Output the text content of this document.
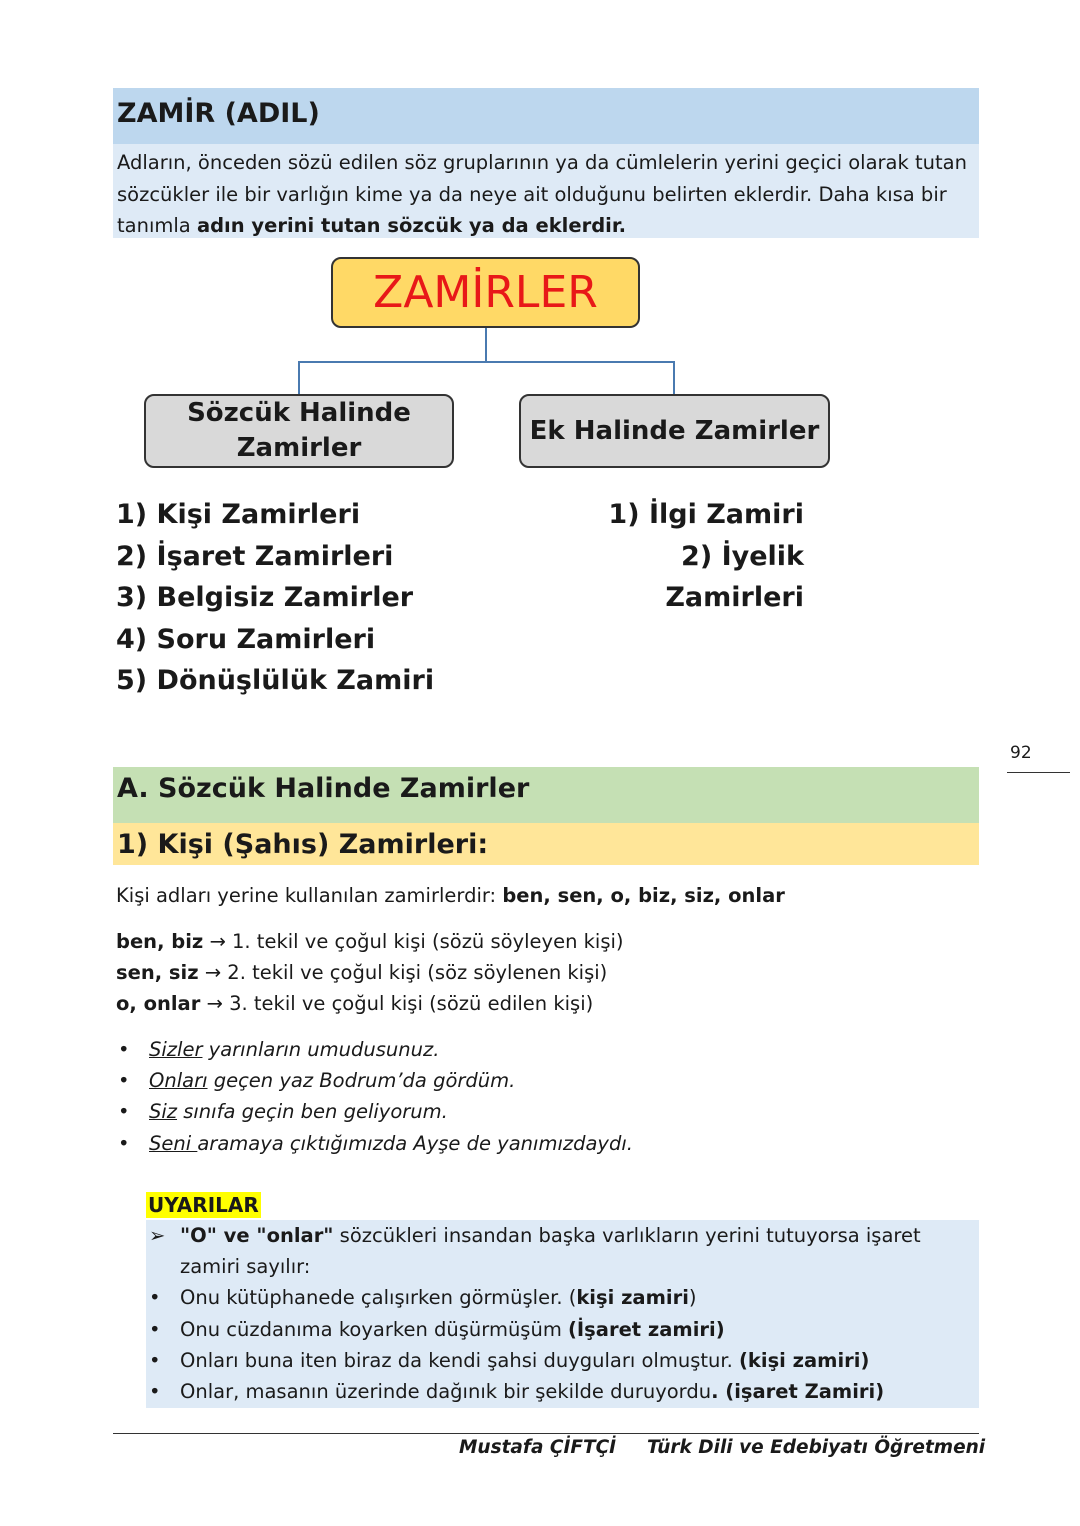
ZAMİR (ADIL)
Adların, önceden sözü edilen söz gruplarının ya da cümlelerin yerini geçici olarak tutan sözcükler ile bir varlığın kime ya da neye ait olduğunu belirten eklerdir. Daha kısa bir tanımla adın yerini tutan sözcük ya da eklerdir.
ZAMİRLER
Sözcük Halinde
Zamirler
Ek Halinde Zamirler
1) Kişi Zamirleri
2) İşaret Zamirleri
3) Belgisiz Zamirler
4) Soru Zamirleri
5) Dönüşlülük Zamiri
1) İlgi Zamiri
2) İyelik Zamirleri
92
A. Sözcük Halinde Zamirler
1) Kişi (Şahıs) Zamirleri:
Kişi adları yerine kullanılan zamirlerdir: ben, sen, o, biz, siz, onlar
ben, biz → 1. tekil ve çoğul kişi (sözü söyleyen kişi)
sen, siz → 2. tekil ve çoğul kişi (söz söylenen kişi)
o, onlar → 3. tekil ve çoğul kişi (sözü edilen kişi)
• Sizler yarınların umudusunuz.
• Onları geçen yaz Bodrum’da gördüm.
• Siz sınıfa geçin ben geliyorum.
• Seni aramaya çıktığımızda Ayşe de yanımızdaydı.
UYARILAR
➢ "O" ve "onlar" sözcükleri insandan başka varlıkların yerini tutuyorsa işaret zamiri sayılır:
• Onu kütüphanede çalışırken görmüşler. (kişi zamiri)
• Onu cüzdanıma koyarken düşürmüşüm (İşaret zamiri)
• Onları buna iten biraz da kendi şahsi duyguları olmuştur. (kişi zamiri)
• Onlar, masanın üzerinde dağınık bir şekilde duruyordu. (işaret Zamiri)
Mustafa ÇİFTÇİ Türk Dili ve Edebiyatı Öğretmeni
